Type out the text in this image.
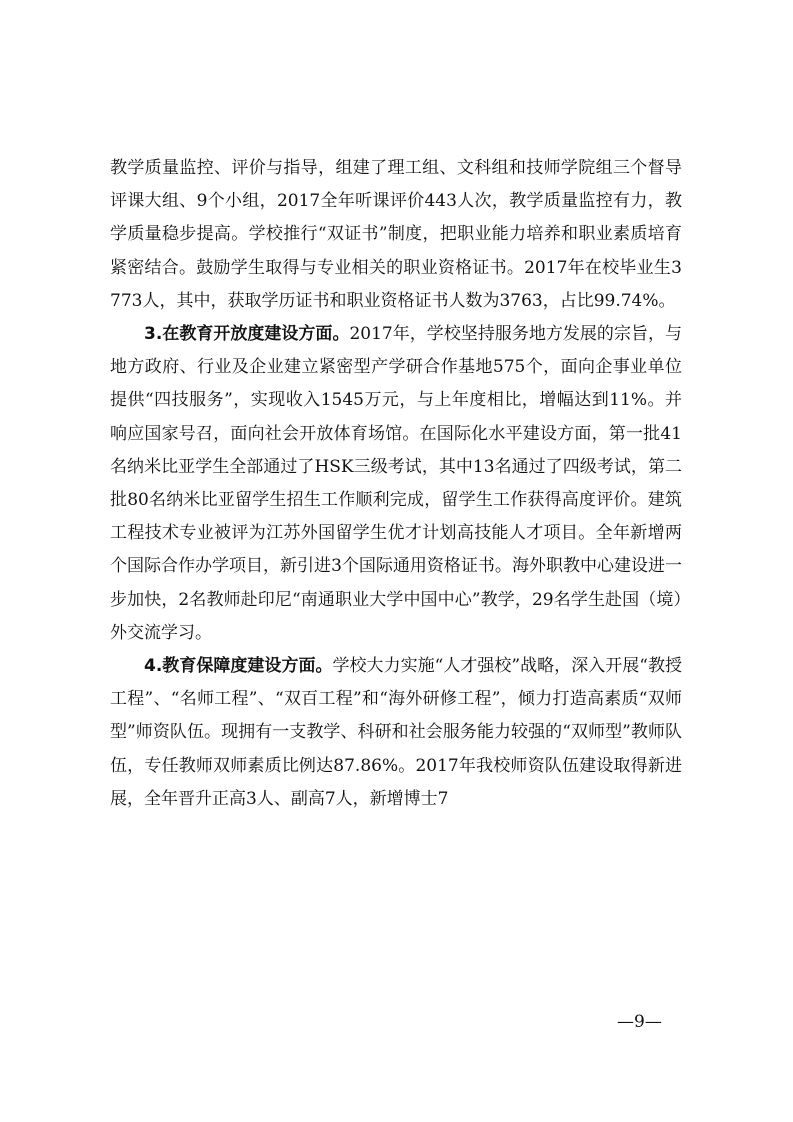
教学质量监控、评价与指导，组建了理工组、文科组和技师学院组三个督导评课大组、9个小组，2017全年听课评价443人次，教学质量监控有力，教学质量稳步提高。学校推行“双证书”制度，把职业能力培养和职业素质培育紧密结合。鼓励学生取得与专业相关的职业资格证书。2017年在校毕业生3773人，其中，获取学历证书和职业资格证书人数为3763，占比99.74%。

3.在教育开放度建设方面。2017年，学校坚持服务地方发展的宗旨，与地方政府、行业及企业建立紧密型产学研合作基地575个，面向企事业单位提供“四技服务”，实现收入1545万元，与上年度相比，增幅达到11%。并响应国家号召，面向社会开放体育场馆。在国际化水平建设方面，第一批41名纳米比亚学生全部通过了HSK三级考试，其中13名通过了四级考试，第二批80名纳米比亚留学生招生工作顺利完成，留学生工作获得高度评价。建筑工程技术专业被评为江苏外国留学生优才计划高技能人才项目。全年新增两个国际合作办学项目，新引进3个国际通用资格证书。海外职教中心建设进一步加快，2名教师赴印尼“南通职业大学中国中心”教学，29名学生赴国（境）外交流学习。

4.教育保障度建设方面。学校大力实施“人才强校”战略，深入开展“教授工程”、“名师工程”、“双百工程”和“海外研修工程”，倾力打造高素质“双师型”师资队伍。现拥有一支教学、科研和社会服务能力较强的“双师型”教师队伍，专任教师双师素质比例达87.86%。2017年我校师资队伍建设取得新进展，全年晋升正高3人、副高7人，新增博士7

—9—
